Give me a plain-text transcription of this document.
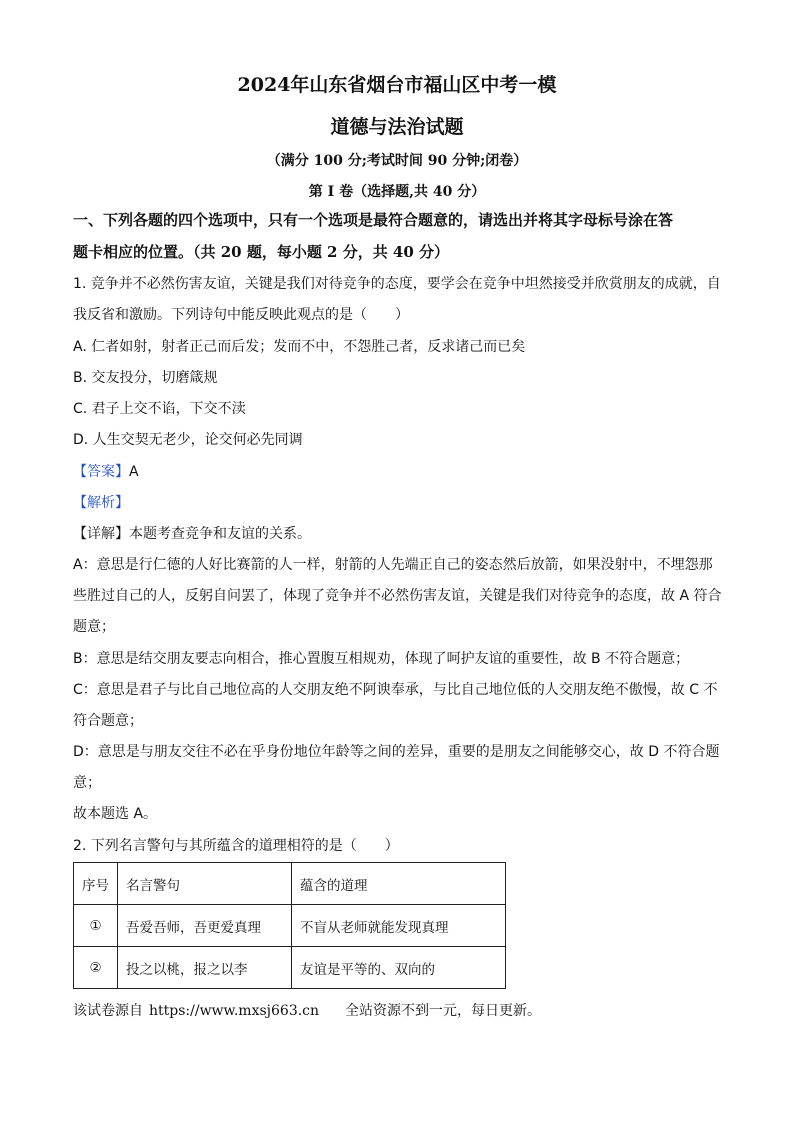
2024年山东省烟台市福山区中考一模
道德与法治试题
（满分 100 分;考试时间 90 分钟;闭卷）
第 I 卷（选择题,共 40 分）
一、下列各题的四个选项中，只有一个选项是最符合题意的，请选出并将其字母标号涂在答
题卡相应的位置。（共 20 题，每小题 2 分，共 40 分）
1. 竞争并不必然伤害友谊，关键是我们对待竞争的态度，要学会在竞争中坦然接受并欣赏朋友的成就，自
我反省和激励。下列诗句中能反映此观点的是（　　）
A. 仁者如射，射者正己而后发；发而不中，不怨胜己者，反求诸己而已矣
B. 交友投分，切磨箴规
C. 君子上交不谄，下交不渎
D. 人生交契无老少，论交何必先同调
【答案】A
【解析】
【详解】本题考查竞争和友谊的关系。
A：意思是行仁德的人好比赛箭的人一样，射箭的人先端正自己的姿态然后放箭，如果没射中，不埋怨那
些胜过自己的人，反躬自问罢了，体现了竞争并不必然伤害友谊，关键是我们对待竞争的态度，故 A 符合
题意；
B：意思是结交朋友要志向相合，推心置腹互相规劝，体现了呵护友谊的重要性，故 B 不符合题意；
C：意思是君子与比自己地位高的人交朋友绝不阿谀奉承，与比自己地位低的人交朋友绝不傲慢，故 C 不
符合题意；
D：意思是与朋友交往不必在乎身份地位年龄等之间的差异，重要的是朋友之间能够交心，故 D 不符合题
意；
故本题选 A。
2. 下列名言警句与其所蕴含的道理相符的是（　　）
序号	名言警句	蕴含的道理
①	吾爱吾师，吾更爱真理	不盲从老师就能发现真理
②	投之以桃，报之以李	友谊是平等的、双向的
该试卷源自 https://www.mxsj663.cn 全站资源不到一元，每日更新。
